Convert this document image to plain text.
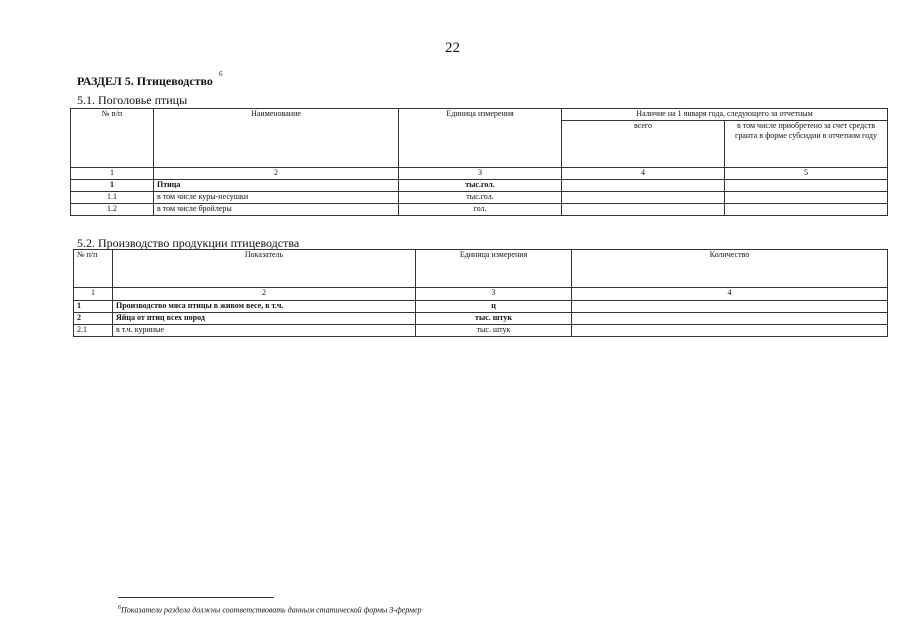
22
РАЗДЕЛ 5. Птицеводство $^6$
5.1. Поголовье птицы
№ п/п	Наименование	Единица измерения	Наличие на 1 января года, следующего за отчетным	
			всего	в том числе приобретено за счет средств гранта в форме субсидии в отчетном году
1	2	3	4	5
1	Птица	тыс.гол.		
1.1	в том числе куры-несушки	тыс.гол.		
1.2	в том числе бройлеры	гол.		
5.2. Производство продукции птицеводства
№ п/п	Показатель	Единица измерения	Количество
1	2	3	4
1	Производство мяса птицы в живом весе, в т.ч.	ц	
2	Яйца от птиц всех пород	тыс. штук	
2.1	в т.ч. куриные	тыс. штук	
$^6$Показатели раздела должны соответствовать данным статической формы 3-фермер
